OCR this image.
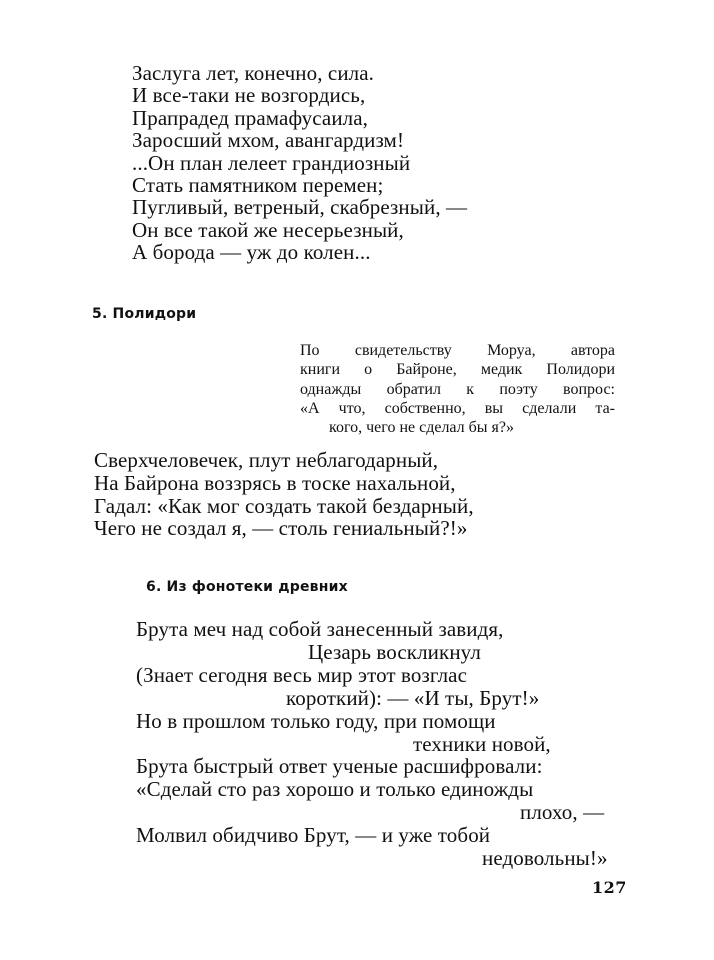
Заслуга лет, конечно, сила.
И все-таки не возгордись,
Прапрадед прамафусаила,
Заросший мхом, авангардизм!
...Он план лелеет грандиозный
Стать памятником перемен;
Пугливый, ветреный, скабрезный, —
Он все такой же несерьезный,
А борода — уж до колен...
5. Полидори
По свидетельству Моруа, автора
книги о Байроне, медик Полидори
однажды обратил к поэту вопрос:
«А что, собственно, вы сделали та-
кого, чего не сделал бы я?»
Сверхчеловечек, плут неблагодарный,
На Байрона воззрясь в тоске нахальной,
Гадал: «Как мог создать такой бездарный,
Чего не создал я, — столь гениальный?!»
6. Из фонотеки древних
Брута меч над собой занесенный завидя,
Цезарь воскликнул
(Знает сегодня весь мир этот возглас
короткий): — «И ты, Брут!»
Но в прошлом только году, при помощи
техники новой,
Брута быстрый ответ ученые расшифровали:
«Сделай сто раз хорошо и только единожды
плохо, —
Молвил обидчиво Брут, — и уже тобой
недовольны!»
127
